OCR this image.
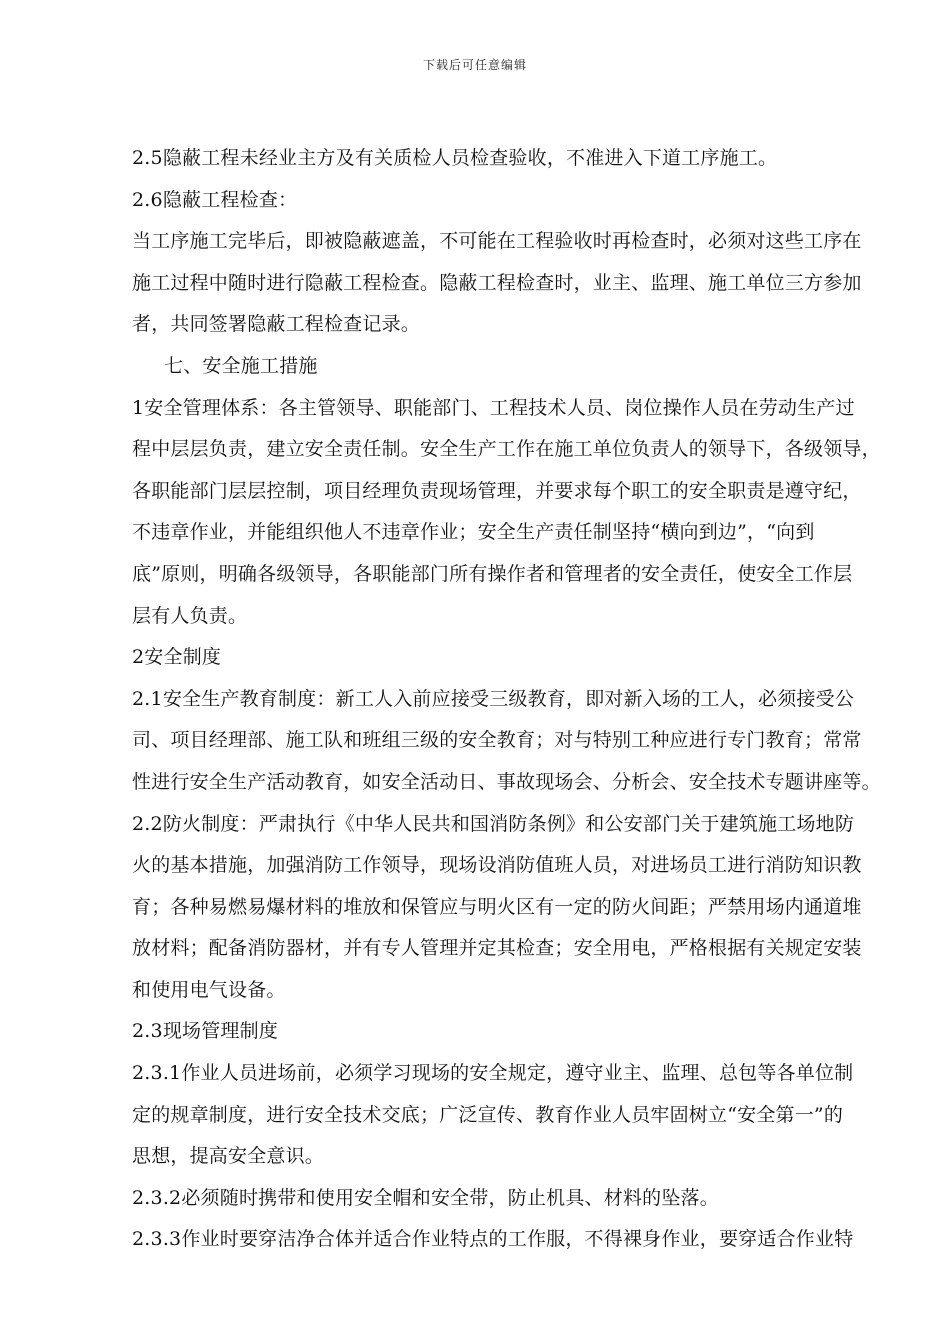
下载后可任意编辑
2.5隐蔽工程未经业主方及有关质检人员检查验收，不准进入下道工序施工。
2.6隐蔽工程检查：
当工序施工完毕后，即被隐蔽遮盖，不可能在工程验收时再检查时，必须对这些工序在
施工过程中随时进行隐蔽工程检查。隐蔽工程检查时，业主、监理、施工单位三方参加
者，共同签署隐蔽工程检查记录。
七、安全施工措施
1安全管理体系：各主管领导、职能部门、工程技术人员、岗位操作人员在劳动生产过
程中层层负责，建立安全责任制。安全生产工作在施工单位负责人的领导下，各级领导，
各职能部门层层控制，项目经理负责现场管理，并要求每个职工的安全职责是遵守纪，
不违章作业，并能组织他人不违章作业；安全生产责任制坚持“横向到边”，“向到
底”原则，明确各级领导，各职能部门所有操作者和管理者的安全责任，使安全工作层
层有人负责。
2安全制度
2.1安全生产教育制度：新工人入前应接受三级教育，即对新入场的工人，必须接受公
司、项目经理部、施工队和班组三级的安全教育；对与特别工种应进行专门教育；常常
性进行安全生产活动教育，如安全活动日、事故现场会、分析会、安全技术专题讲座等。
2.2防火制度：严肃执行《中华人民共和国消防条例》和公安部门关于建筑施工场地防
火的基本措施，加强消防工作领导，现场设消防值班人员，对进场员工进行消防知识教
育；各种易燃易爆材料的堆放和保管应与明火区有一定的防火间距；严禁用场内通道堆
放材料；配备消防器材，并有专人管理并定其检查；安全用电，严格根据有关规定安装
和使用电气设备。
2.3现场管理制度
2.3.1作业人员进场前，必须学习现场的安全规定，遵守业主、监理、总包等各单位制
定的规章制度，进行安全技术交底；广泛宣传、教育作业人员牢固树立“安全第一”的
思想，提高安全意识。
2.3.2必须随时携带和使用安全帽和安全带，防止机具、材料的坠落。
2.3.3作业时要穿洁净合体并适合作业特点的工作服，不得裸身作业，要穿适合作业特
